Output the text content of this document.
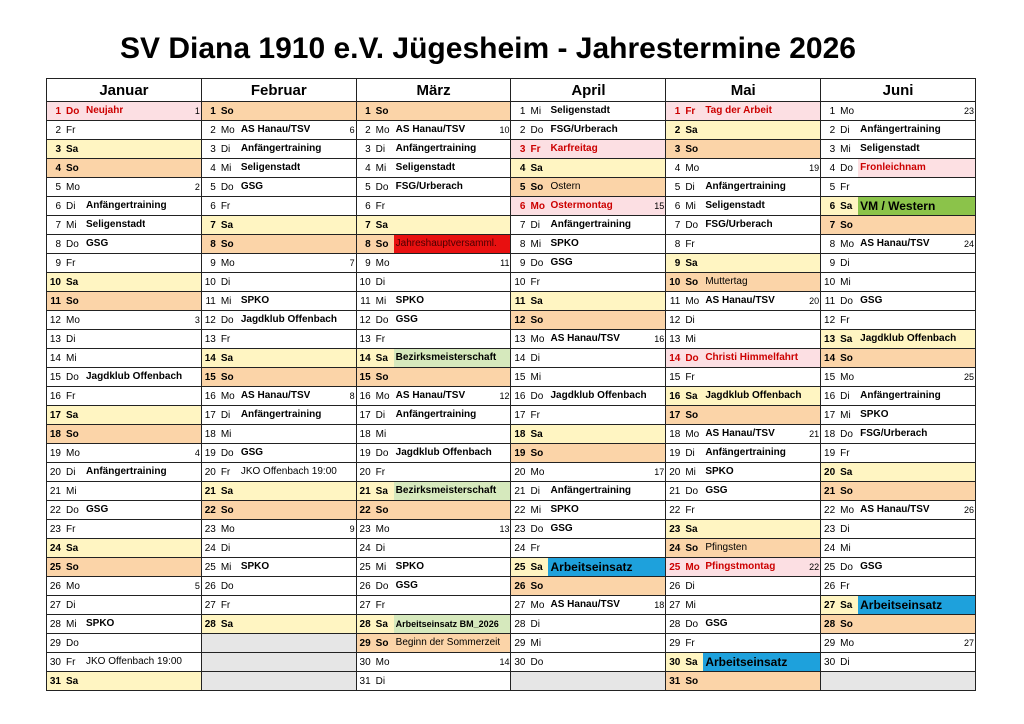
SV Diana 1910 e.V. Jügesheim - Jahrestermine 2026
Januar	Februar	März	April	Mai	Juni

1 Do Neujahr 1	1 So	1 So	1 Mi Seligenstadt	1 Fr Tag der Arbeit	1 Mo 23

2 Fr	2 Mo AS Hanau/TSV 6	2 Mo AS Hanau/TSV 10	2 Do FSG/Urberach	2 Sa	2 Di Anfängertraining

3 Sa	3 Di Anfängertraining	3 Di Anfängertraining	3 Fr Karfreitag	3 So	3 Mi Seligenstadt

4 So	4 Mi Seligenstadt	4 Mi Seligenstadt	4 Sa	4 Mo 19	4 Do Fronleichnam

5 Mo 2	5 Do GSG	5 Do FSG/Urberach	5 So Ostern	5 Di Anfängertraining	5 Fr

6 Di Anfängertraining	6 Fr	6 Fr	6 Mo Ostermontag 15	6 Mi Seligenstadt	6 Sa VM / Western

7 Mi Seligenstadt	7 Sa	7 Sa	7 Di Anfängertraining	7 Do FSG/Urberach	7 So

8 Do GSG	8 So	8 So Jahreshauptversamml.	8 Mi SPKO	8 Fr	8 Mo AS Hanau/TSV 24

9 Fr	9 Mo 7	9 Mo 11	9 Do GSG	9 Sa	9 Di

10 Sa	10 Di	10 Di	10 Fr	10 So Muttertag	10 Mi

11 So	11 Mi SPKO	11 Mi SPKO	11 Sa	11 Mo AS Hanau/TSV 20	11 Do GSG

12 Mo 3	12 Do Jagdklub Offenbach	12 Do GSG	12 So	12 Di	12 Fr

13 Di	13 Fr	13 Fr	13 Mo AS Hanau/TSV 16	13 Mi	13 Sa Jagdklub Offenbach

14 Mi	14 Sa	14 Sa Bezirksmeisterschaft	14 Di	14 Do Christi Himmelfahrt	14 So

15 Do Jagdklub Offenbach	15 So	15 So	15 Mi	15 Fr	15 Mo 25

16 Fr	16 Mo AS Hanau/TSV 8	16 Mo AS Hanau/TSV 12	16 Do Jagdklub Offenbach	16 Sa Jagdklub Offenbach	16 Di Anfängertraining

17 Sa	17 Di Anfängertraining	17 Di Anfängertraining	17 Fr	17 So	17 Mi SPKO

18 So	18 Mi	18 Mi	18 Sa	18 Mo AS Hanau/TSV 21	18 Do FSG/Urberach

19 Mo 4	19 Do GSG	19 Do Jagdklub Offenbach	19 So	19 Di Anfängertraining	19 Fr

20 Di Anfängertraining	20 Fr JKO Offenbach 19:00	20 Fr	20 Mo 17	20 Mi SPKO	20 Sa

21 Mi	21 Sa	21 Sa Bezirksmeisterschaft	21 Di Anfängertraining	21 Do GSG	21 So

22 Do GSG	22 So	22 So	22 Mi SPKO	22 Fr	22 Mo AS Hanau/TSV 26

23 Fr	23 Mo 9	23 Mo 13	23 Do GSG	23 Sa	23 Di

24 Sa	24 Di	24 Di	24 Fr	24 So Pfingsten	24 Mi

25 So	25 Mi SPKO	25 Mi SPKO	25 Sa Arbeitseinsatz	25 Mo Pfingstmontag 22	25 Do GSG

26 Mo 5	26 Do	26 Do GSG	26 So	26 Di	26 Fr

27 Di	27 Fr	27 Fr	27 Mo AS Hanau/TSV 18	27 Mi	27 Sa Arbeitseinsatz

28 Mi SPKO	28 Sa	28 Sa Arbeitseinsatz BM_2026	28 Di	28 Do GSG	28 So

29 Do		29 So Beginn der Sommerzeit	29 Mi	29 Fr	29 Mo 27

30 Fr JKO Offenbach 19:00		30 Mo 14	30 Do	30 Sa Arbeitseinsatz	30 Di

31 Sa		31 Di		31 So	
